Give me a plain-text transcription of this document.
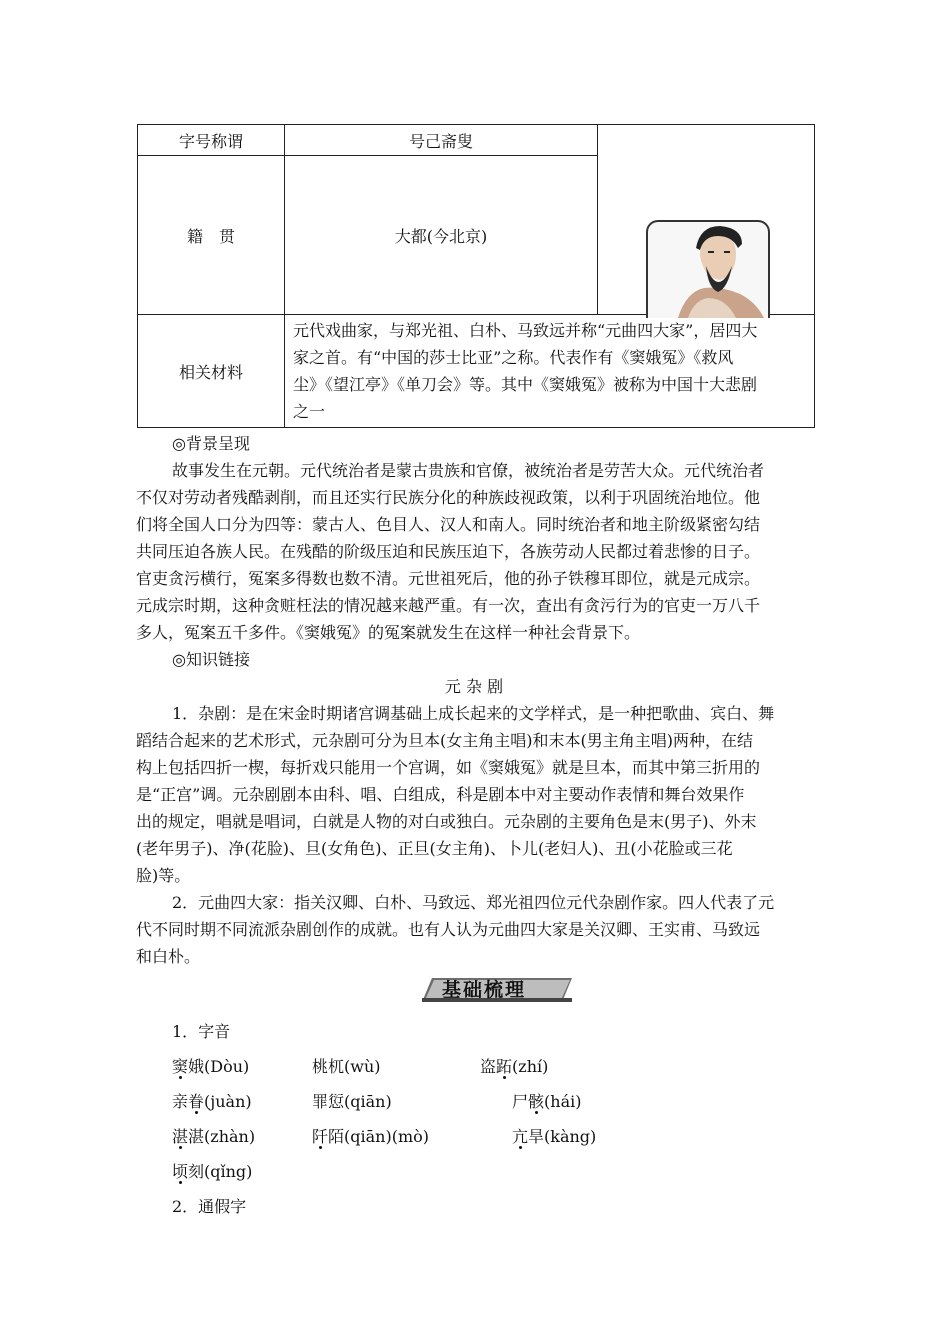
字号称谓	号己斋叟	

籍　贯	大都(今北京)	
相关材料	元代戏曲家，与郑光祖、白朴、马致远并称“元曲四大家”，居四大
家之首。有“中国的莎士比亚”之称。代表作有《窦娥冤》《救风
尘》《望江亭》《单刀会》等。其中《窦娥冤》被称为中国十大悲剧
之一	
◎背景呈现
故事发生在元朝。元代统治者是蒙古贵族和官僚，被统治者是劳苦大众。元代统治者
不仅对劳动者残酷剥削，而且还实行民族分化的种族歧视政策，以利于巩固统治地位。他
们将全国人口分为四等：蒙古人、色目人、汉人和南人。同时统治者和地主阶级紧密勾结
共同压迫各族人民。在残酷的阶级压迫和民族压迫下，各族劳动人民都过着悲惨的日子。
官吏贪污横行，冤案多得数也数不清。元世祖死后，他的孙子铁穆耳即位，就是元成宗。
元成宗时期，这种贪赃枉法的情况越来越严重。有一次，查出有贪污行为的官吏一万八千
多人，冤案五千多件。《窦娥冤》的冤案就发生在这样一种社会背景下。
◎知识链接
元 杂 剧
1．杂剧：是在宋金时期诸宫调基础上成长起来的文学样式，是一种把歌曲、宾白、舞
蹈结合起来的艺术形式，元杂剧可分为旦本(女主角主唱)和末本(男主角主唱)两种，在结
构上包括四折一楔，每折戏只能用一个宫调，如《窦娥冤》就是旦本，而其中第三折用的
是“正宫”调。元杂剧剧本由科、唱、白组成，科是剧本中对主要动作表情和舞台效果作
出的规定，唱就是唱词，白就是人物的对白或独白。元杂剧的主要角色是末(男子)、外末
(老年男子)、净(花脸)、旦(女角色)、正旦(女主角)、卜儿(老妇人)、丑(小花脸或三花
脸)等。
2．元曲四大家：指关汉卿、白朴、马致远、郑光祖四位元代杂剧作家。四人代表了元
代不同时期不同流派杂剧创作的成就。也有人认为元曲四大家是关汉卿、王实甫、马致远
和白朴。
基础梳理
1．字音
窦娥(Dòu)	桃杌(wù)	盗跖(zhí)
亲眷(juàn)	罪愆(qiān)	尸骸(hái)
湛湛(zhàn)	阡陌(qiān)(mò)	亢旱(kàng)
顷刻(qǐng)
2．通假字
